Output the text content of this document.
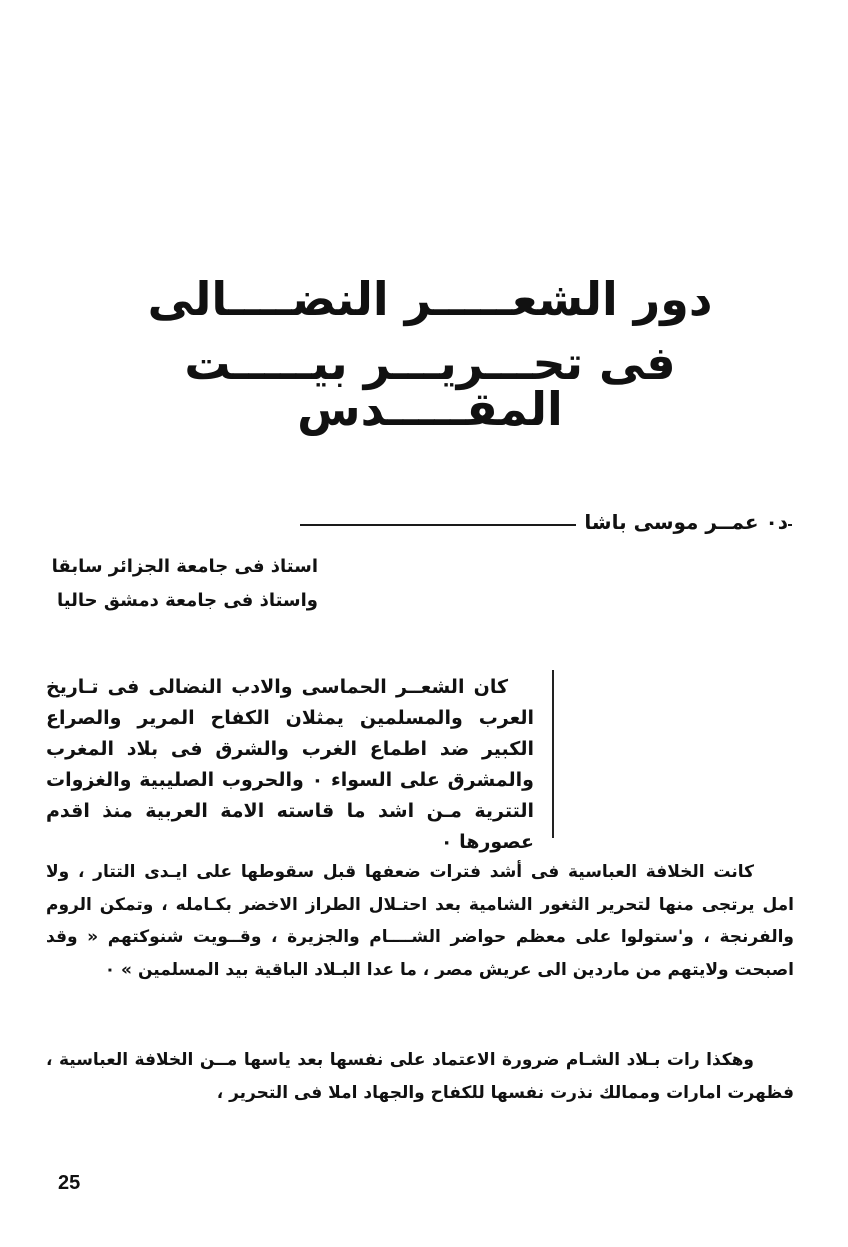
دور الشعـــــر النضــــالى
فى تحـــريـــر بيـــــت المقـــــدس
د٠ عمــر موسى باشا
استاذ فى جامعة الجزائر سابقا
واستاذ فى جامعة دمشق حاليا

كان الشعــر الحماسى والادب النضالى فى تـاريخ العرب والمسلمين يمثلان الكفاح المرير والصراع الكبير ضد اطماع الغرب والشرق فى بلاد المغرب والمشرق على السواء ٠ والحروب الصليبية والغزوات التترية مـن اشد ما قاسته الامة العربية منذ اقدم عصورها ٠

كانت الخلافة العباسية فى أشد فترات ضعفها قبل سقوطها على ايـدى التتار ، ولا امل يرتجى منها لتحرير الثغور الشامية بعد احتـلال الطراز الاخضر بكـامله ، وتمكن الروم والفرنجة ، و'ستولوا على معظم حواضر الشــــام والجزيرة ، وقــويت شنوكتهم « وقد اصبحت ولايتهم من ماردين الى عريش مصر ، ما عدا البـلاد الباقية بيد المسلمين » ٠

وهكذا رات بـلاد الشـام ضرورة الاعتماد على نفسها بعد ياسها مــن الخلافة العباسية ، فظهرت امارات وممالك نذرت نفسها للكفاح والجهاد املا فى التحرير ،

25
